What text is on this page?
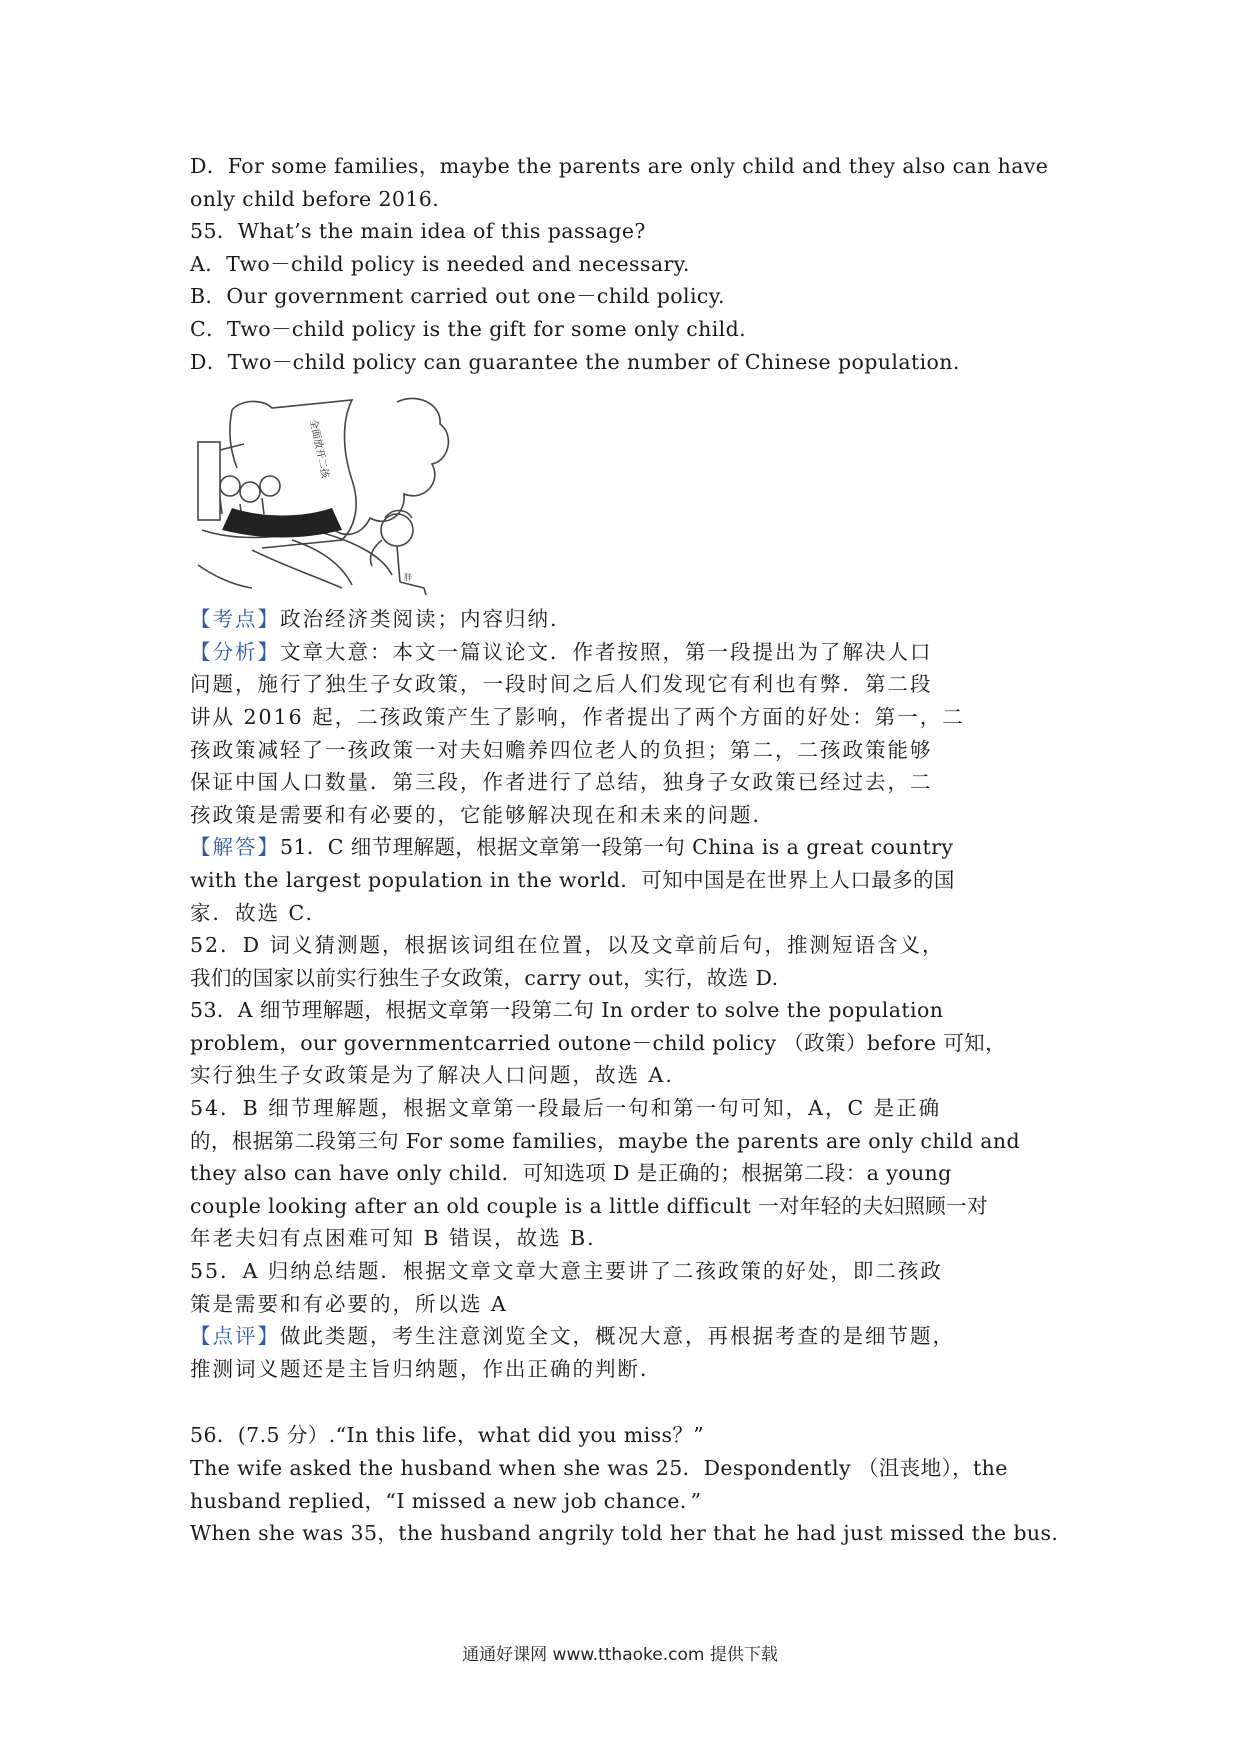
D．For some families，maybe the parents are only child and they also can have
only child before 2016.
55．What’s the main idea of this passage?
A．Two－child policy is needed and necessary.
B．Our government carried out one－child policy.
C．Two－child policy is the gift for some only child.
D．Two－child policy can guarantee the number of Chinese population.
全面放开二孩
胖
【考点】政治经济类阅读；内容归纳.
【分析】文章大意：本文一篇议论文．作者按照，第一段提出为了解决人口
问题，施行了独生子女政策，一段时间之后人们发现它有利也有弊．第二段
讲从 2016 起，二孩政策产生了影响，作者提出了两个方面的好处：第一，二
孩政策减轻了一孩政策一对夫妇赡养四位老人的负担；第二，二孩政策能够
保证中国人口数量．第三段，作者进行了总结，独身子女政策已经过去，二
孩政策是需要和有必要的，它能够解决现在和未来的问题．
【解答】51．C 细节理解题，根据文章第一段第一句 China is a great country
with the largest population in the world．可知中国是在世界上人口最多的国
家．故选 C.
52．D 词义猜测题，根据该词组在位置，以及文章前后句，推测短语含义，
我们的国家以前实行独生子女政策，carry out，实行，故选 D.
53．A 细节理解题，根据文章第一段第二句 In order to solve the population
problem，our governmentcarried outone－child policy （政策）before 可知，
实行独生子女政策是为了解决人口问题，故选 A.
54．B 细节理解题，根据文章第一段最后一句和第一句可知，A，C 是正确
的，根据第二段第三句 For some families，maybe the parents are only child and
they also can have only child．可知选项 D 是正确的；根据第二段：a young
couple looking after an old couple is a little difficult 一对年轻的夫妇照顾一对
年老夫妇有点困难可知 B 错误，故选 B.
55．A 归纳总结题．根据文章文章大意主要讲了二孩政策的好处，即二孩政
策是需要和有必要的，所以选 A
【点评】做此类题，考生注意浏览全文，概况大意，再根据考查的是细节题，
推测词义题还是主旨归纳题，作出正确的判断．
56．(7.5 分）.“In this life，what did you miss？”
The wife asked the husband when she was 25．Despondently （沮丧地），the
husband replied，“I missed a new job chance．”
When she was 35，the husband angrily told her that he had just missed the bus.
通通好课网 www.tthaoke.com 提供下载
